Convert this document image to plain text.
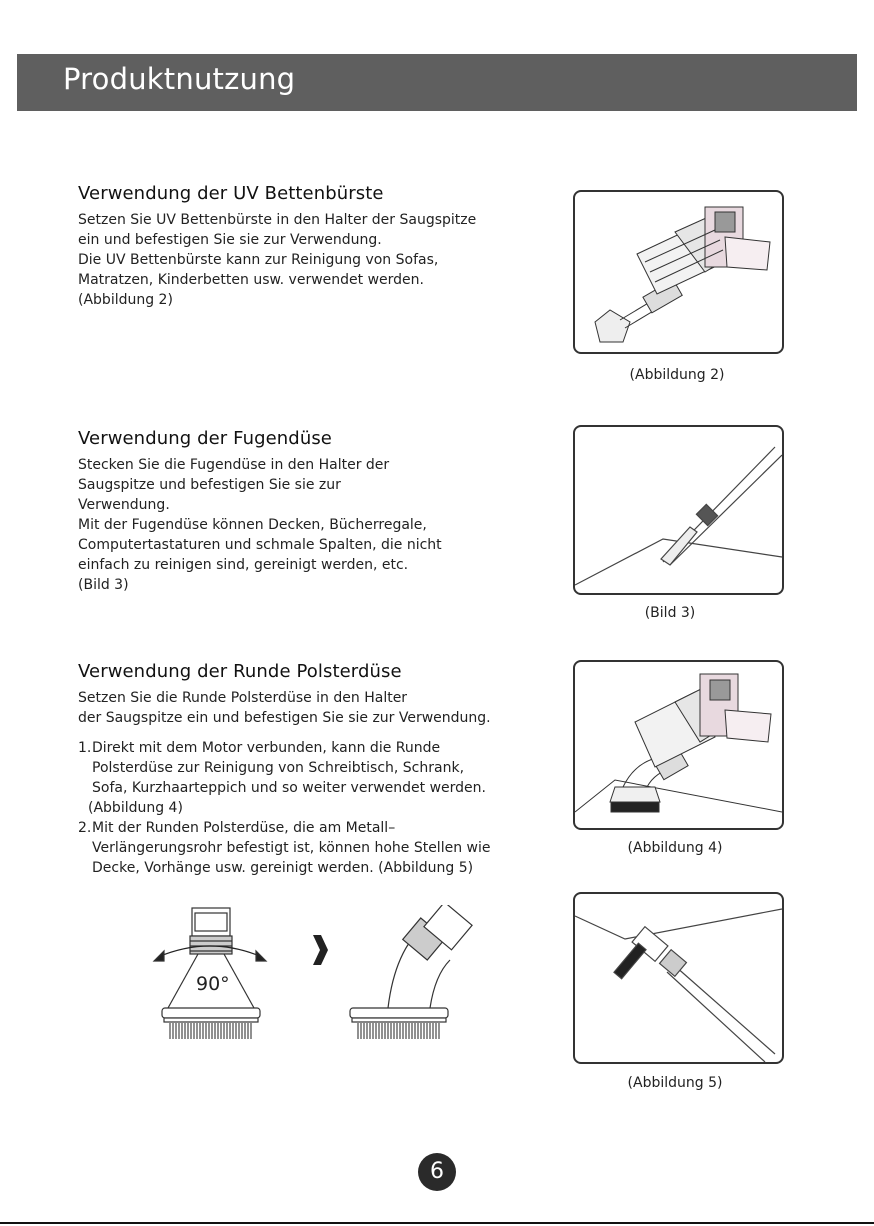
Produktnutzung
Verwendung der UV Bettenbürste

Setzen Sie UV Bettenbürste in den Halter der Saugspitze
ein und befestigen Sie sie zur Verwendung.
Die UV Bettenbürste kann zur Reinigung von Sofas,
Matratzen, Kinderbetten usw. verwendet werden.
(Abbildung 2)

(Abbildung 2)
Verwendung der Fugendüse

Stecken Sie die Fugendüse in den Halter der
Saugspitze und befestigen Sie sie zur
Verwendung.
Mit der Fugendüse können Decken, Bücherregale,
Computertastaturen und schmale Spalten, die nicht
einfach zu reinigen sind, gereinigt werden, etc.
(Bild 3)

(Bild 3)
Verwendung der Runde Polsterdüse

Setzen Sie die Runde Polsterdüse in den Halter
der Saugspitze ein und befestigen Sie sie zur Verwendung.

1. Direkt mit dem Motor verbunden, kann die Runde
Polsterdüse zur Reinigung von Schreibtisch, Schrank,
Sofa, Kurzhaarteppich und so weiter verwendet werden.
(Abbildung 4)
2. Mit der Runden Polsterdüse, die am Metall–
Verlängerungsrohr befestigt ist, können hohe Stellen wie
Decke, Vorhänge usw. gereinigt werden. (Abbildung 5)
(Abbildung 4)
90°
(Abbildung 5)
6
